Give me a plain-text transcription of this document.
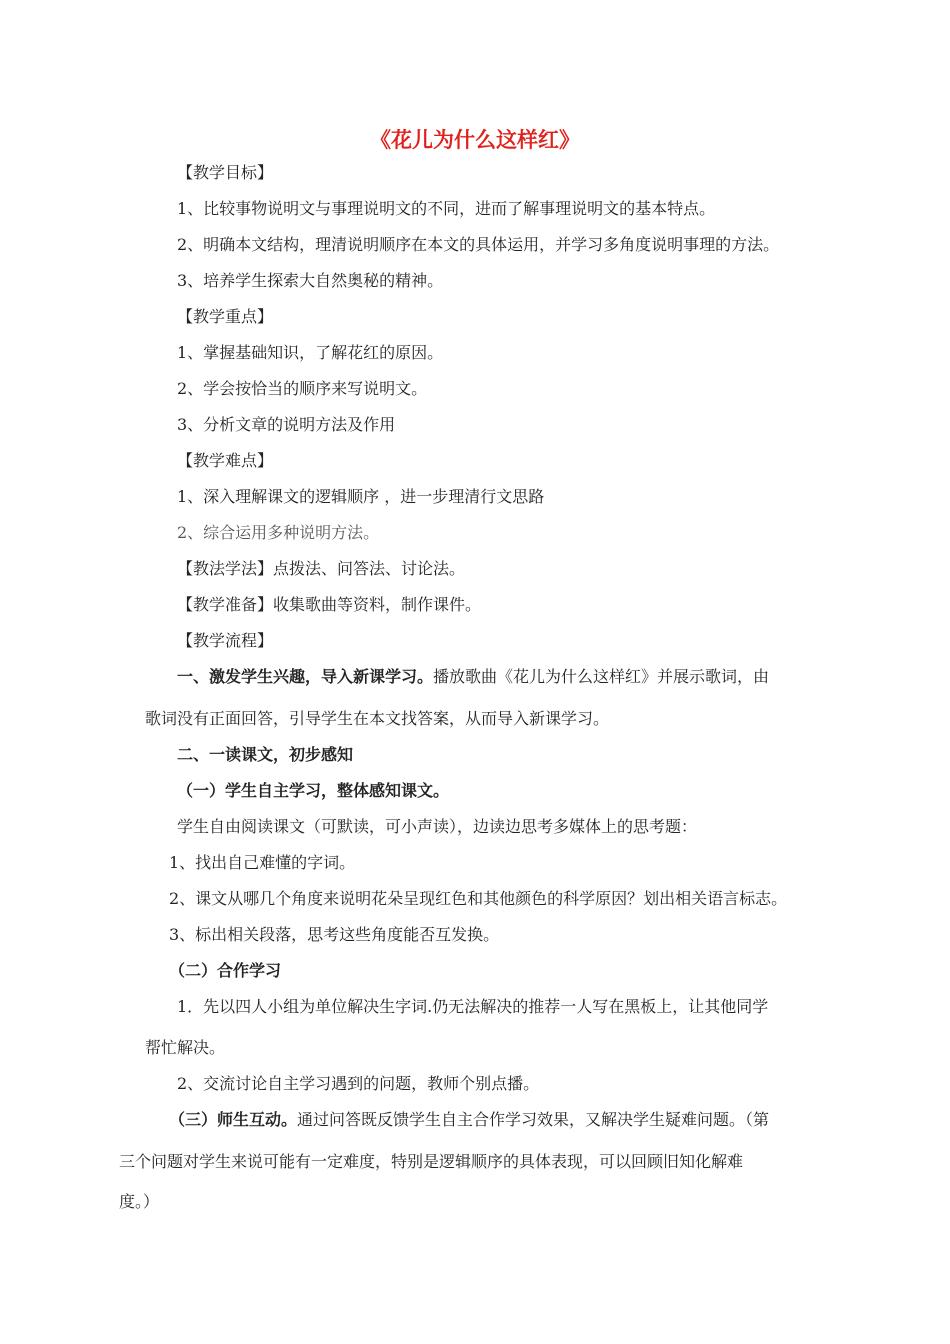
《花儿为什么这样红》

【教学目标】

1、比较事物说明文与事理说明文的不同，进而了解事理说明文的基本特点。

2、明确本文结构，理清说明顺序在本文的具体运用，并学习多角度说明事理的方法。

3、培养学生探索大自然奥秘的精神。

【教学重点】

1、掌握基础知识，了解花红的原因。

2、学会按恰当的顺序来写说明文。

3、分析文章的说明方法及作用

【教学难点】

1、深入理解课文的逻辑顺序 ，进一步理清行文思路

2、综合运用多种说明方法。

【教法学法】点拨法、问答法、讨论法。

【教学准备】收集歌曲等资料，制作课件。

【教学流程】

一、激发学生兴趣，导入新课学习。播放歌曲《花儿为什么这样红》并展示歌词，由

歌词没有正面回答，引导学生在本文找答案，从而导入新课学习。

二、一读课文，初步感知

（一）学生自主学习，整体感知课文。

学生自由阅读课文（可默读，可小声读），边读边思考多媒体上的思考题：

1、找出自己难懂的字词。

2、课文从哪几个角度来说明花朵呈现红色和其他颜色的科学原因？划出相关语言标志。

3、标出相关段落，思考这些角度能否互发换。

（二）合作学习

1．先以四人小组为单位解决生字词.仍无法解决的推荐一人写在黑板上，让其他同学

帮忙解决。

2、交流讨论自主学习遇到的问题，教师个别点播。

（三）师生互动。通过问答既反馈学生自主合作学习效果，又解决学生疑难问题。（第

三个问题对学生来说可能有一定难度，特别是逻辑顺序的具体表现，可以回顾旧知化解难

度。）
